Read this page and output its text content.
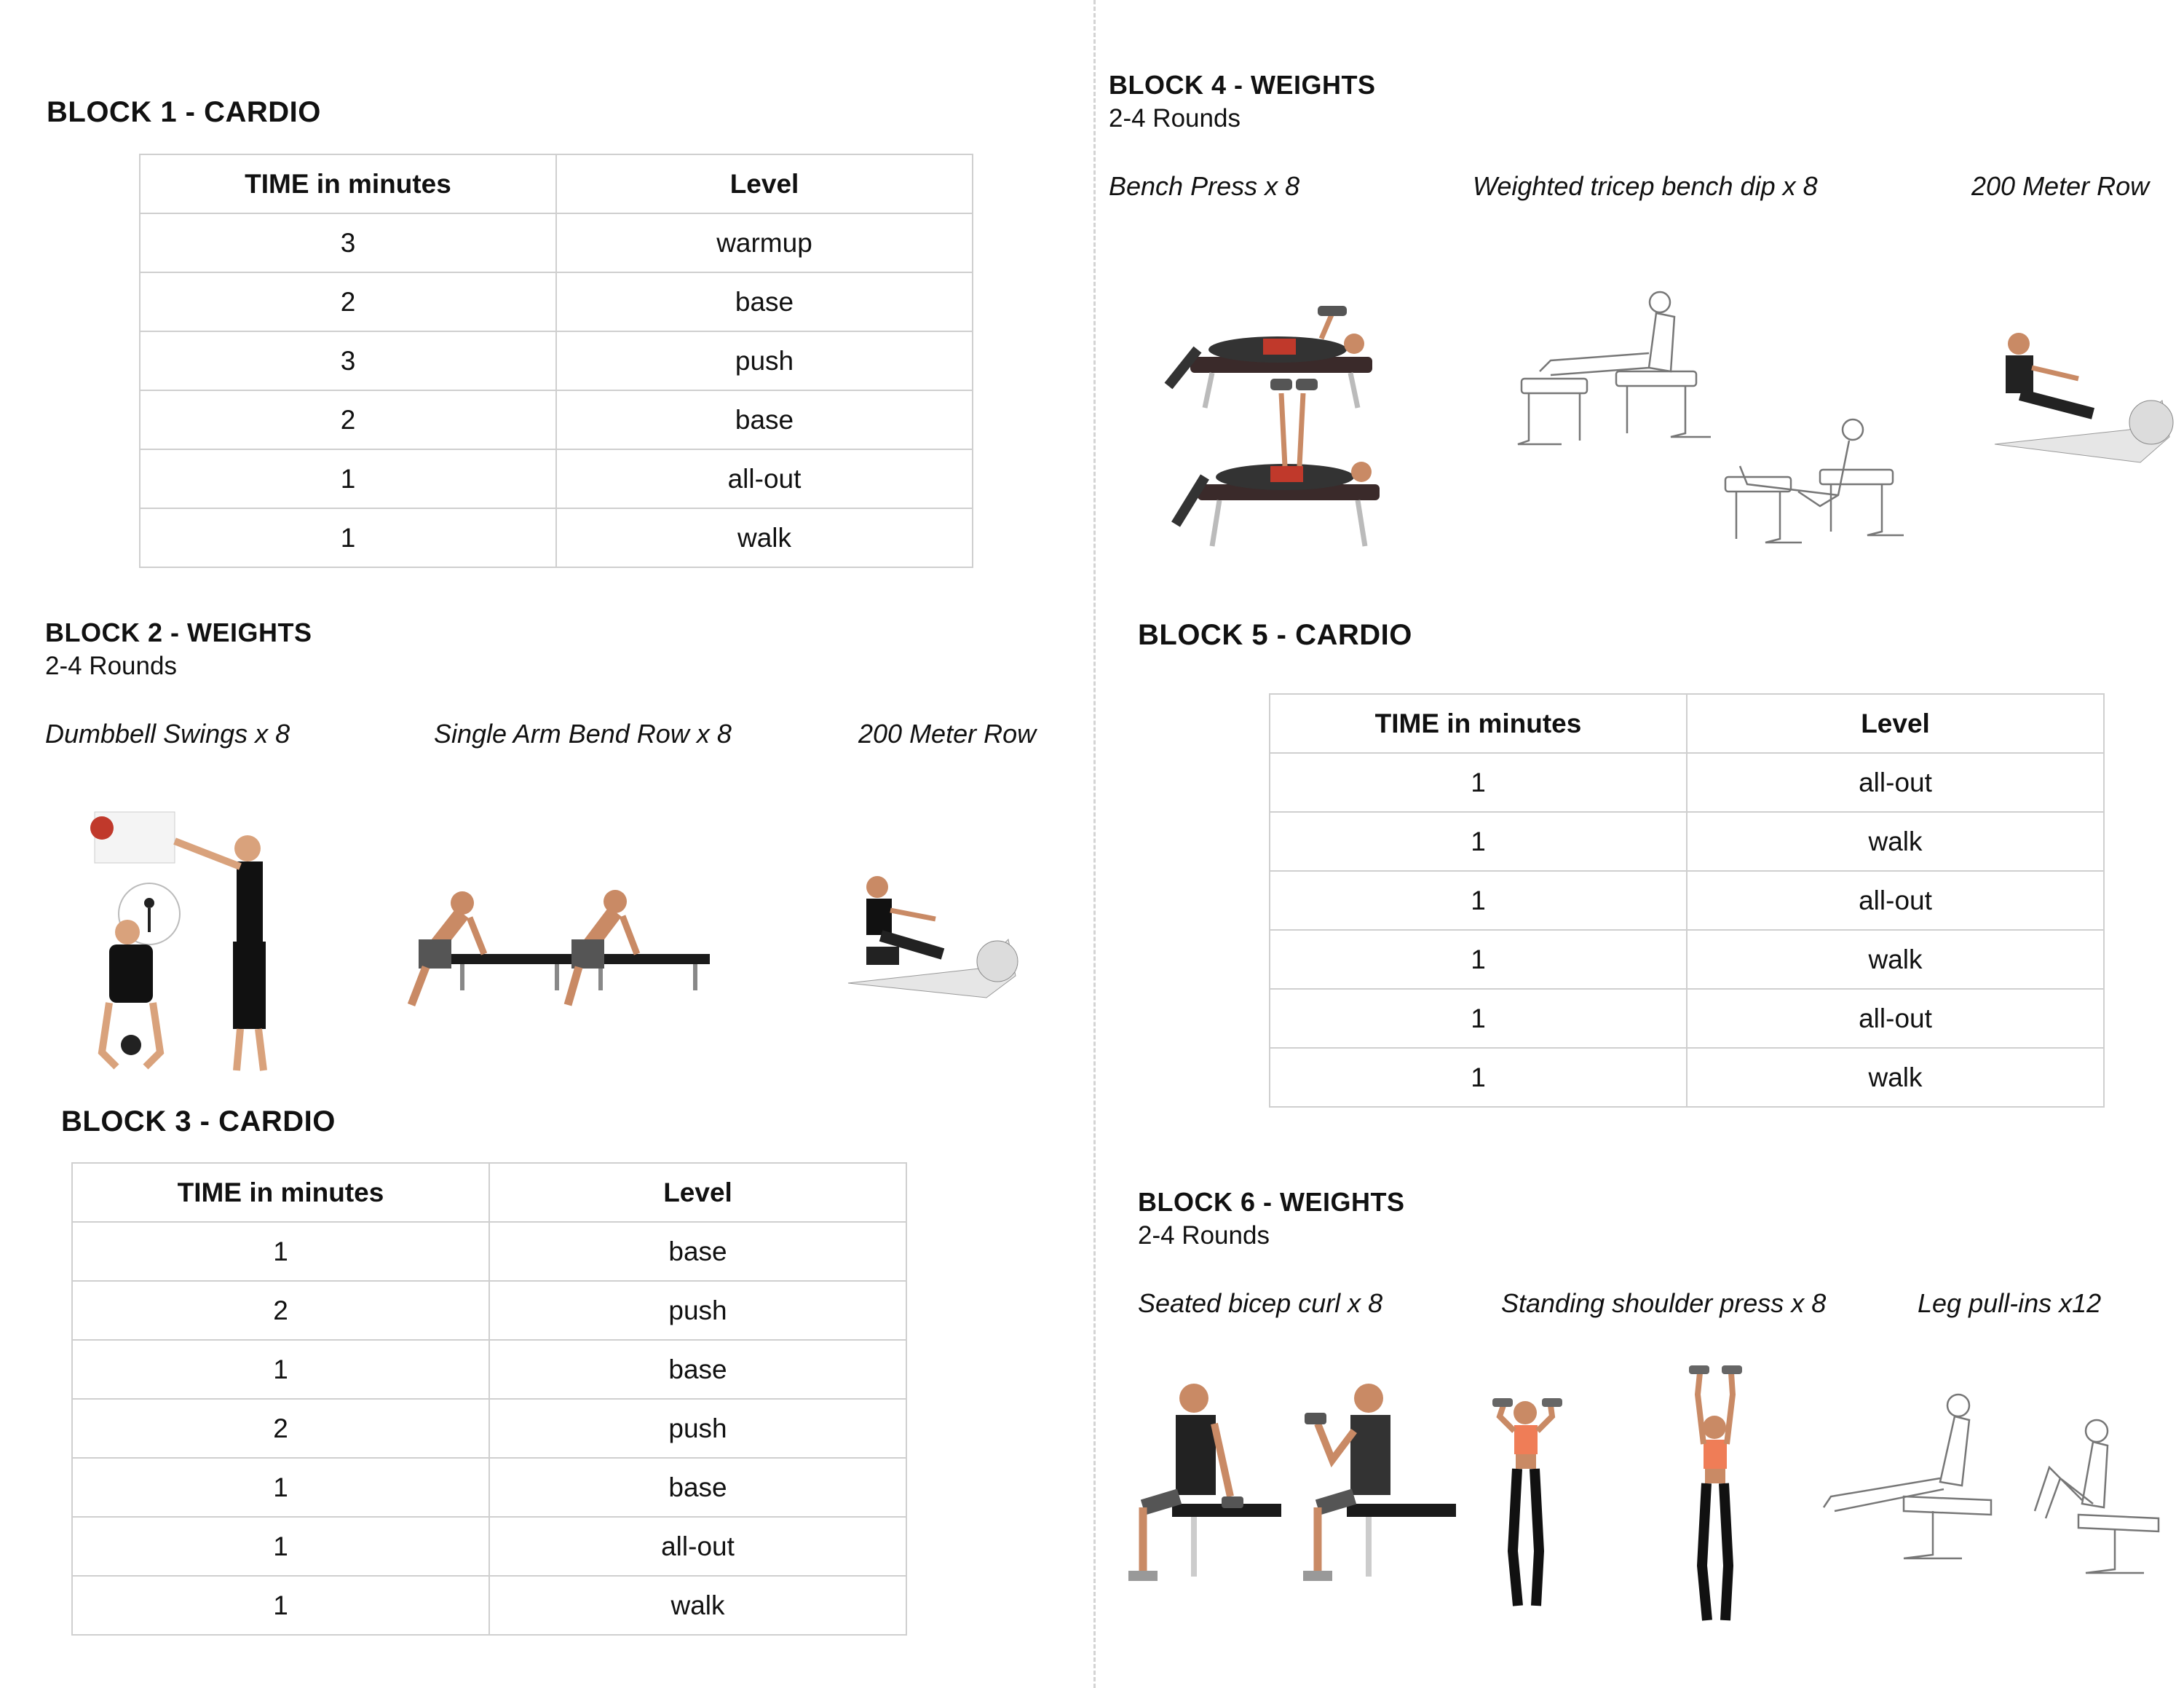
BLOCK 1 - CARDIO
TIME in minutes	Level
3	warmup
2	base
3	push
2	base
1	all-out
1	walk
BLOCK 2 - WEIGHTS

2-4 Rounds

Dumbbell Swings x 8	Single Arm Bend Row x 8	200 Meter Row

BLOCK 3 - CARDIO
TIME in minutes	Level
1	base
2	push
1	base
2	push
1	base
1	all-out
1	walk
BLOCK 4 - WEIGHTS

2-4 Rounds

Bench Press x 8	Weighted tricep bench dip x 8	200 Meter Row

BLOCK 5 - CARDIO
TIME in minutes	Level
1	all-out
1	walk
1	all-out
1	walk
1	all-out
1	walk
BLOCK 6 - WEIGHTS

2-4 Rounds

Seated bicep curl x 8	Standing shoulder press x 8	Leg pull-ins x12
